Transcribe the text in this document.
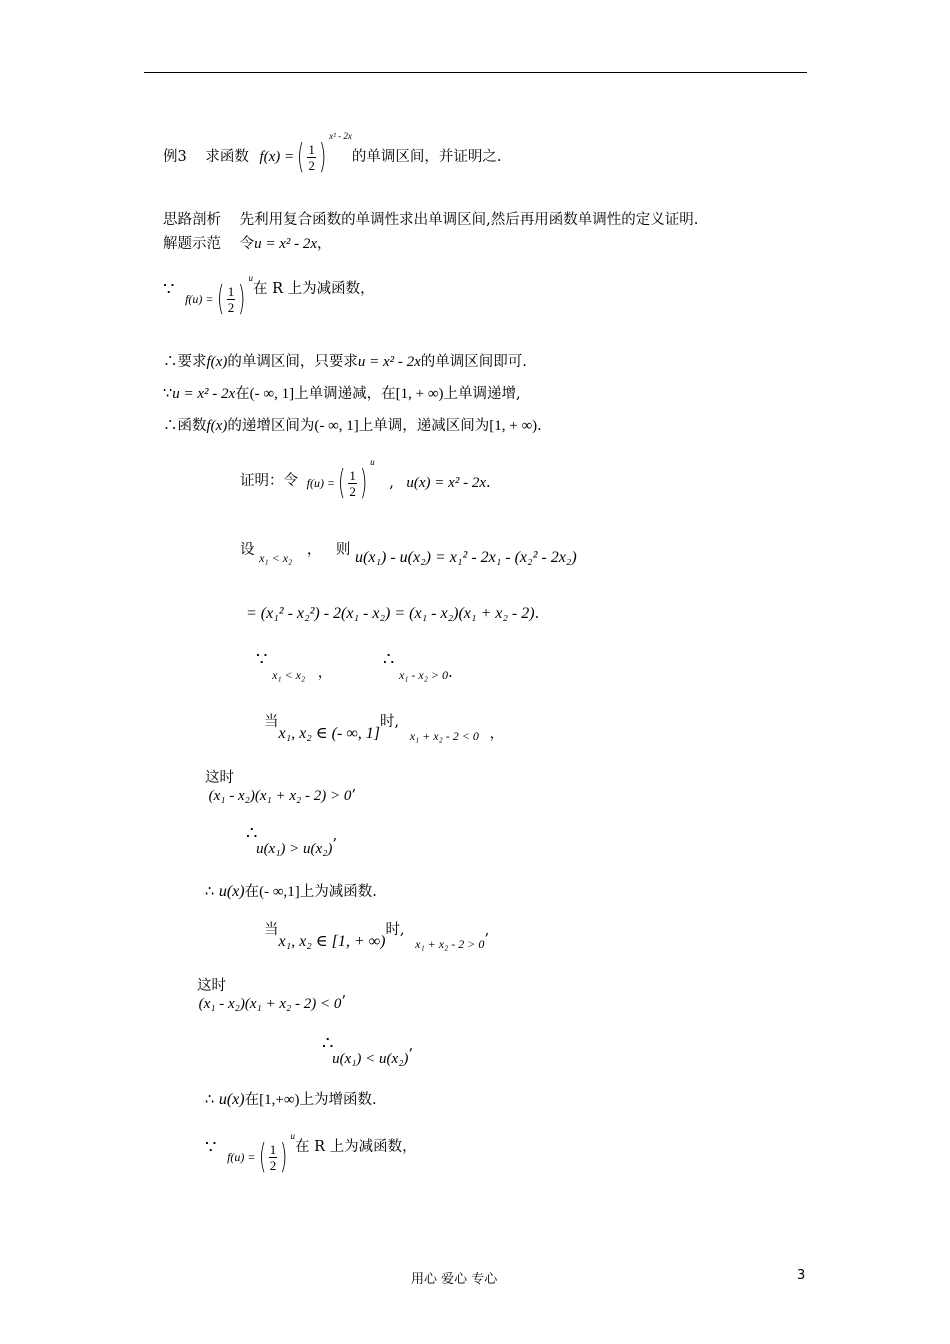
例3 求函数 f(x) =( $\frac{1}{2} )^{x^2 - 2x}$的单调区间，并证明之.
思路剖析 先利用复合函数的单调性求出单调区间,然后再用函数单调性的定义证明.
解题示范 令u = x² - 2x，
∵ f(u) =( $\frac{1}{2} )^u$在 R 上为减函数，
∴要求f(x)的单调区间，只要求u = x² - 2x的单调区间即可.
∵u = x² - 2x在(- ∞, 1]上单调递减，在[1, + ∞)上单调递增,
∴函数f(x)的递增区间为(- ∞, 1]上单调，递减区间为[1, + ∞).
证明：令 f(u) =( $\frac{1}{2} )^u$ , u(x) = x² - 2x.
设 $_{x_1 < x_2}$ ， 则 u(x₁) - u(x₂) = x₁² - 2x₁ - (x₂² - 2x₂)
= (x₁² - x₂²) - 2(x₁ - x₂) = (x₁ - x₂)(x₁ + x₂ - 2).
∵ $_{x_1 < x_2}$ ， ∴ $_{x_1 - x_2 > 0}$.
当x₁, x₂ ∈ (- ∞, 1]时, $_{x_1 + x_2 - 2 < 0}$ ，
这时 (x₁ - x₂)(x₁ + x₂ - 2) > 0’
∴ u(x₁) > u(x₂)’
∴ u(x)在(- ∞,1]上为减函数.
当x₁, x₂ ∈ [1, + ∞)时, $_{x_1 + x_2 - 2 > 0}$’
这时 (x₁ - x₂)(x₁ + x₂ - 2) < 0’
∴ u(x₁) < u(x₂)’
∴ u(x)在[1,+∞)上为增函数.
∵ f(u) =( $\frac{1}{2} )^u$在 R 上为减函数，
用心 爱心 专心	3
